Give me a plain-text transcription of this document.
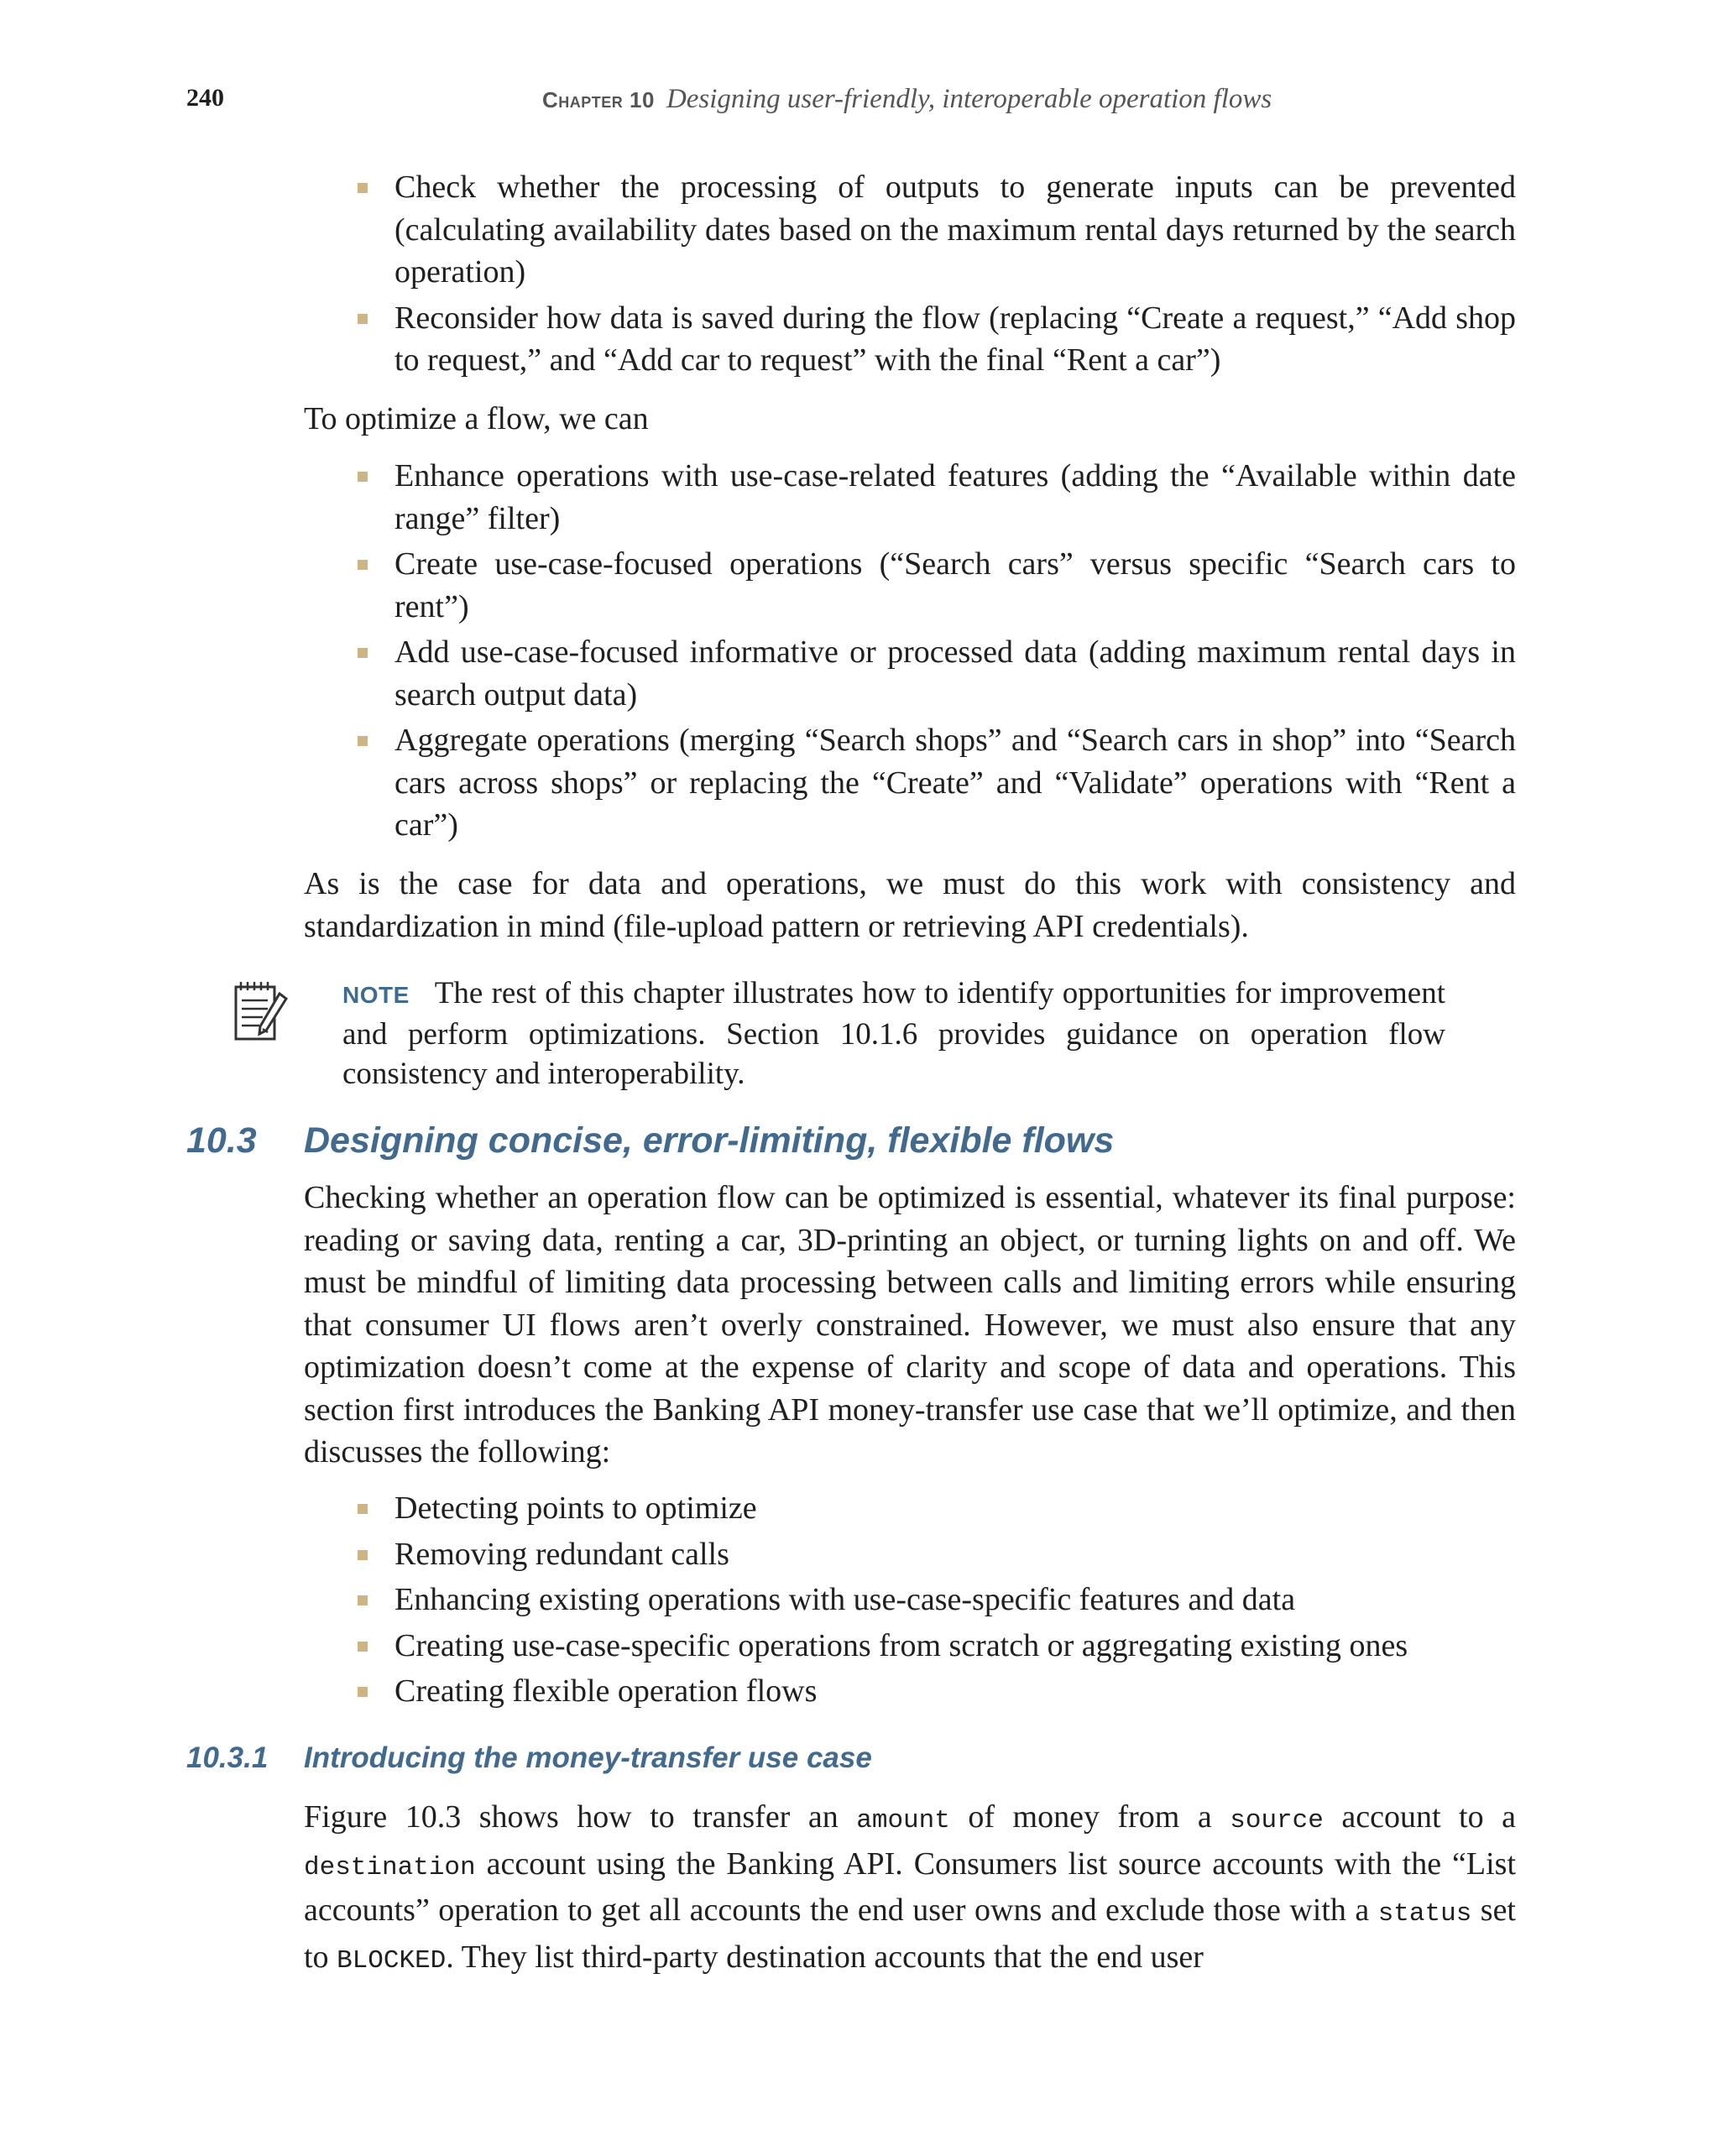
240	Chapter 10 Designing user-friendly, interoperable operation flows
Check whether the processing of outputs to generate inputs can be prevented (calculating availability dates based on the maximum rental days returned by the search operation)
Reconsider how data is saved during the flow (replacing “Create a request,” “Add shop to request,” and “Add car to request” with the final “Rent a car”)

To optimize a flow, we can

Enhance operations with use-case-related features (adding the “Available within date range” filter)
Create use-case-focused operations (“Search cars” versus specific “Search cars to rent”)
Add use-case-focused informative or processed data (adding maximum rental days in search output data)
Aggregate operations (merging “Search shops” and “Search cars in shop” into “Search cars across shops” or replacing the “Create” and “Validate” operations with “Rent a car”)

As is the case for data and operations, we must do this work with consistency and standardization in mind (file-upload pattern or retrieving API credentials).

NOTE The rest of this chapter illustrates how to identify opportunities for improvement and perform optimizations. Section 10.1.6 provides guidance on operation flow consistency and interoperability.

10.3 Designing concise, error-limiting, flexible flows

Checking whether an operation flow can be optimized is essential, whatever its final purpose: reading or saving data, renting a car, 3D-printing an object, or turning lights on and off. We must be mindful of limiting data processing between calls and limiting errors while ensuring that consumer UI flows aren’t overly constrained. However, we must also ensure that any optimization doesn’t come at the expense of clarity and scope of data and operations. This section first introduces the Banking API money-transfer use case that we’ll optimize, and then discusses the following:

Detecting points to optimize
Removing redundant calls
Enhancing existing operations with use-case-specific features and data
Creating use-case-specific operations from scratch or aggregating existing ones
Creating flexible operation flows
10.3.1 Introducing the money-transfer use case

Figure 10.3 shows how to transfer an amount of money from a source account to a destination account using the Banking API. Consumers list source accounts with the “List accounts” operation to get all accounts the end user owns and exclude those with a status set to BLOCKED. They list third-party destination accounts that the end user
